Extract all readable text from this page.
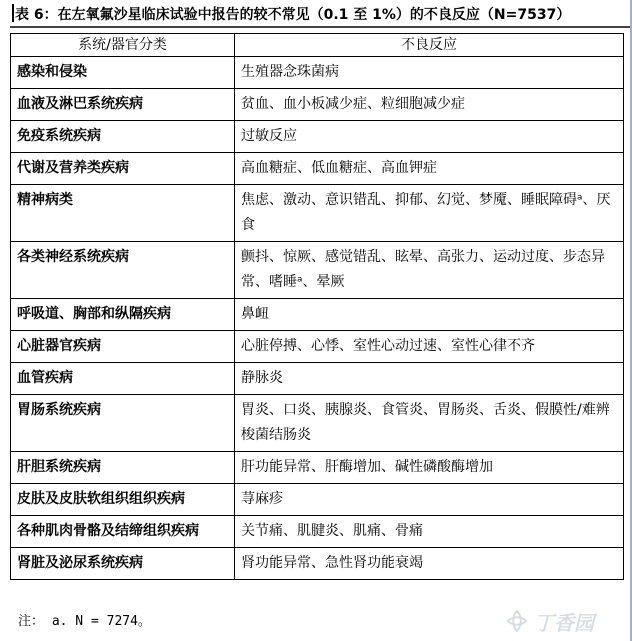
表 6：在左氧氟沙星临床试验中报告的较不常见（0.1 至 1%）的不良反应（N=7537）
系统/器官分类	不良反应
感染和侵染	生殖器念珠菌病
血液及淋巴系统疾病	贫血、血小板减少症、粒细胞减少症
免疫系统疾病	过敏反应
代谢及营养类疾病	高血糖症、低血糖症、高血钾症
精神病类	焦虑、激动、意识错乱、抑郁、幻觉、梦魇、睡眠障碍ᵃ、厌食
各类神经系统疾病	颤抖、惊厥、感觉错乱、眩晕、高张力、运动过度、步态异常、嗜睡ᵃ、晕厥
呼吸道、胸部和纵隔疾病	鼻衄
心脏器官疾病	心脏停搏、心悸、室性心动过速、室性心律不齐
血管疾病	静脉炎
胃肠系统疾病	胃炎、口炎、胰腺炎、食管炎、胃肠炎、舌炎、假膜性/难辨梭菌结肠炎
肝胆系统疾病	肝功能异常、肝酶增加、碱性磷酸酶增加
皮肤及皮肤软组织组织疾病	荨麻疹
各种肌肉骨骼及结缔组织疾病	关节痛、肌腱炎、肌痛、骨痛
肾脏及泌尿系统疾病	肾功能异常、急性肾功能衰竭
注： a. N = 7274。	丁香园
